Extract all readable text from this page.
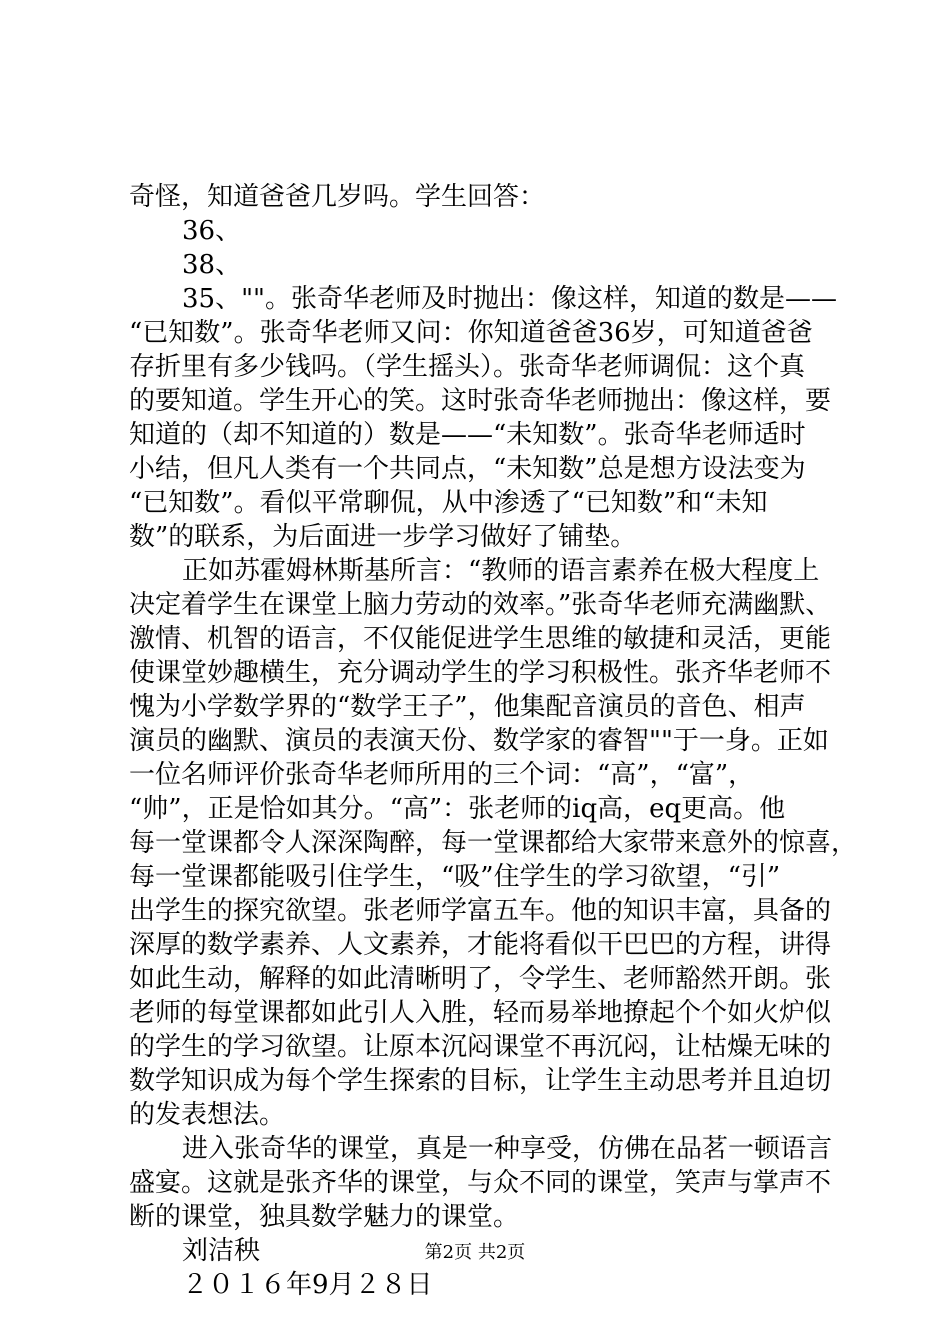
奇怪，知道爸爸几岁吗。学生回答：
36、
38、
35、""。张奇华老师及时抛出：像这样，知道的数是——
“已知数”。张奇华老师又问：你知道爸爸36岁，可知道爸爸
存折里有多少钱吗。（学生摇头）。张奇华老师调侃：这个真
的要知道。学生开心的笑。这时张奇华老师抛出：像这样，要
知道的（却不知道的）数是——“未知数”。张奇华老师适时
小结，但凡人类有一个共同点，“未知数”总是想方设法变为
“已知数”。看似平常聊侃，从中渗透了“已知数”和“未知
数”的联系，为后面进一步学习做好了铺垫。
正如苏霍姆林斯基所言：“教师的语言素养在极大程度上
决定着学生在课堂上脑力劳动的效率。”张奇华老师充满幽默、
激情、机智的语言，不仅能促进学生思维的敏捷和灵活，更能
使课堂妙趣横生，充分调动学生的学习积极性。张齐华老师不
愧为小学数学界的“数学王子”，他集配音演员的音色、相声
演员的幽默、演员的表演天份、数学家的睿智""于一身。正如
一位名师评价张奇华老师所用的三个词：“高”，“富”，
“帅”，正是恰如其分。“高”：张老师的iq高，eq更高。他
每一堂课都令人深深陶醉，每一堂课都给大家带来意外的惊喜，
每一堂课都能吸引住学生，“吸”住学生的学习欲望，“引”
出学生的探究欲望。张老师学富五车。他的知识丰富，具备的
深厚的数学素养、人文素养，才能将看似干巴巴的方程，讲得
如此生动，解释的如此清晰明了，令学生、老师豁然开朗。张
老师的每堂课都如此引人入胜，轻而易举地撩起个个如火炉似
的学生的学习欲望。让原本沉闷课堂不再沉闷，让枯燥无味的
数学知识成为每个学生探索的目标，让学生主动思考并且迫切
的发表想法。
进入张奇华的课堂，真是一种享受，仿佛在品茗一顿语言
盛宴。这就是张齐华的课堂，与众不同的课堂，笑声与掌声不
断的课堂，独具数学魅力的课堂。
刘洁秧
２０１６年9月２８日
第2页 共2页
